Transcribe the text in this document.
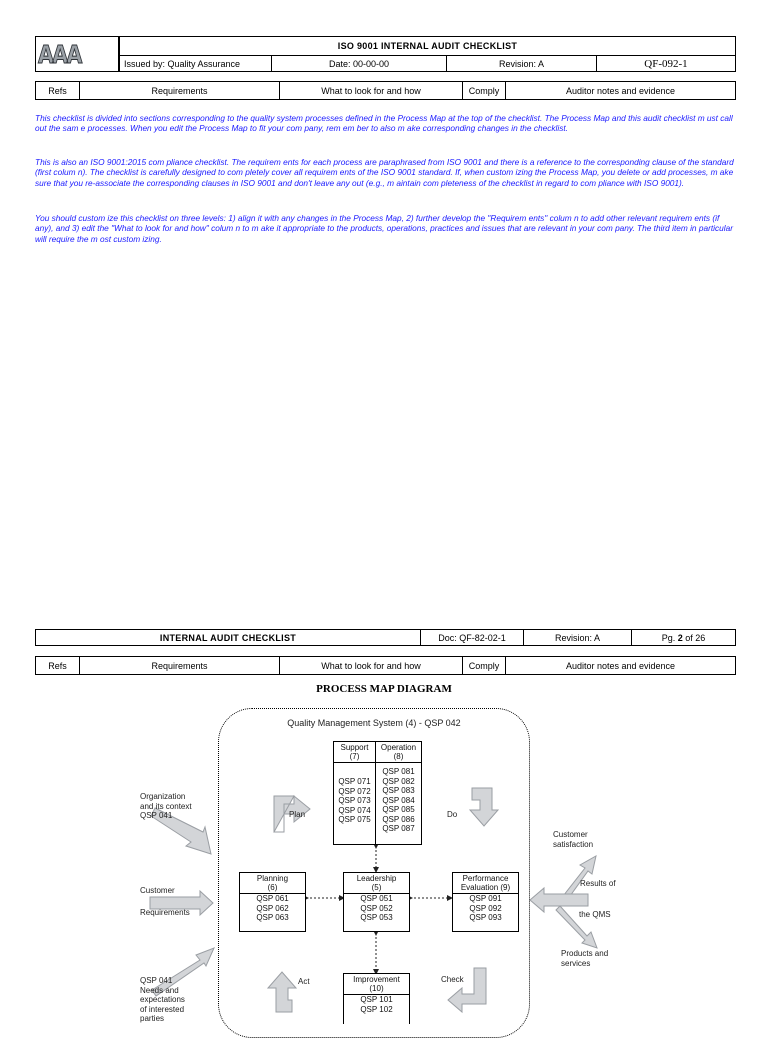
AAA	ISO 9001 INTERNAL AUDIT CHECKLIST
Issued by: Quality Assurance	Date: 00-00-00	Revision: A	QF-092-1
Refs	Requirements	What to look for and how	Comply	Auditor notes and evidence

This checklist is divided into sections corresponding to the quality system processes defined in the Process Map at the top of the checklist. The Process Map and this audit checklist m ust call out the sam e processes. When you edit the Process Map to fit your com pany, rem em ber to also m ake corresponding changes in the checklist.

This is also an ISO 9001:2015 com pliance checklist. The requirem ents for each process are paraphrased from ISO 9001 and there is a reference to the corresponding clause of the standard (first colum n). The checklist is carefully designed to com pletely cover all requirem ents of the ISO 9001 standard. If, when custom izing the Process Map, you delete or add processes, m ake sure that you re-associate the corresponding clauses in ISO 9001 and don't leave any out (e.g., m aintain com pleteness of the checklist in regard to com pliance with ISO 9001).

You should custom ize this checklist on three levels: 1) align it with any changes in the Process Map, 2) further develop the "Requirem ents" colum n to add other relevant requirem ents (if any), and 3) edit the "What to look for and how" colum n to m ake it appropriate to the products, operations, practices and issues that are relevant in your com pany. The third item in particular will require the m ost custom izing.

INTERNAL AUDIT CHECKLIST	Doc: QF-82-02-1	Revision: A	Pg. 2 of 26
Refs	Requirements	What to look for and how	Comply	Auditor notes and evidence
PROCESS MAP DIAGRAM
Quality Management System (4) - QSP 042
Support
(7)
QSP 071
QSP 072
QSP 073
QSP 074
QSP 075
Operation
(8)
QSP 081
QSP 082
QSP 083
QSP 084
QSP 085
QSP 086
QSP 087
Planning
(6)
QSP 061
QSP 062
QSP 063
Leadership
(5)
QSP 051
QSP 052
QSP 053
Performance
Evaluation (9)
QSP 091
QSP 092
QSP 093
Improvement
(10)
QSP 101
QSP 102
Plan	Do
Check
Act
Organization
and its context
QSP 041
Customer
Requirements
QSP 041
Needs and
expectations
of interested
parties
Customer
satisfaction
Results of
the QMS
Products and
services
